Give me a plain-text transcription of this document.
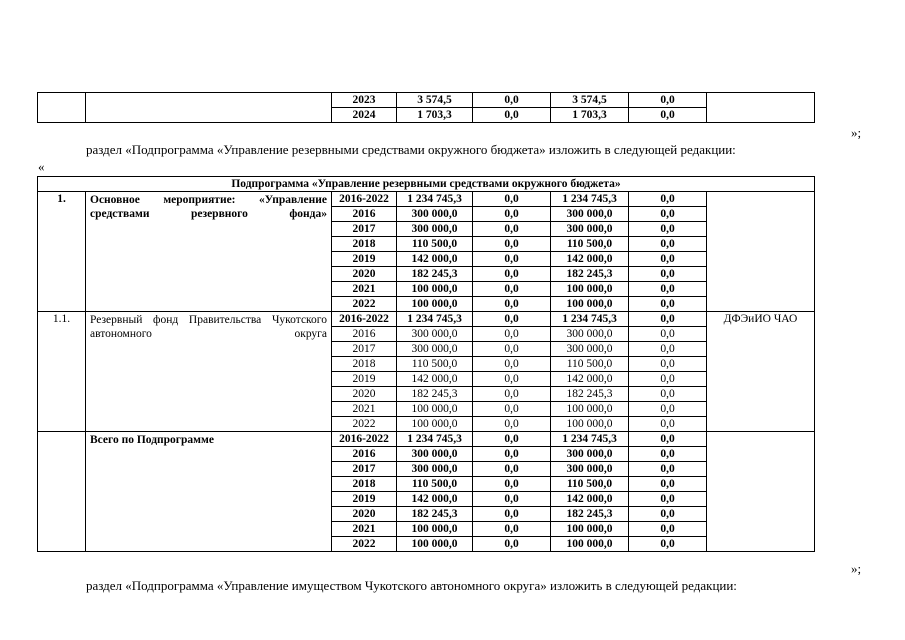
		2023	3 574,5	0,0	3 574,5	0,0	
		2024	1 703,3	0,0	1 703,3	0,0	
»;
раздел «Подпрограмма «Управление резервными средствами окружного бюджета» изложить в следующей редакции:
«
Подпрограмма «Управление резервными средствами окружного бюджета»							
1.	Основное мероприятие: «Управление средствами резервного фонда»	2016-2022	1 234 745,3	0,0	1 234 745,3	0,0	
		2016	300 000,0	0,0	300 000,0	0,0	
		2017	300 000,0	0,0	300 000,0	0,0	
		2018	110 500,0	0,0	110 500,0	0,0	
		2019	142 000,0	0,0	142 000,0	0,0	
		2020	182 245,3	0,0	182 245,3	0,0	
		2021	100 000,0	0,0	100 000,0	0,0	
		2022	100 000,0	0,0	100 000,0	0,0	
1.1.	Резервный фонд Правительства Чукотского автономного округа	2016-2022	1 234 745,3	0,0	1 234 745,3	0,0	ДФЭиИО ЧАО
		2016	300 000,0	0,0	300 000,0	0,0	
		2017	300 000,0	0,0	300 000,0	0,0	
		2018	110 500,0	0,0	110 500,0	0,0	
		2019	142 000,0	0,0	142 000,0	0,0	
		2020	182 245,3	0,0	182 245,3	0,0	
		2021	100 000,0	0,0	100 000,0	0,0	
		2022	100 000,0	0,0	100 000,0	0,0	
	Всего по Подпрограмме	2016-2022	1 234 745,3	0,0	1 234 745,3	0,0	
		2016	300 000,0	0,0	300 000,0	0,0	
		2017	300 000,0	0,0	300 000,0	0,0	
		2018	110 500,0	0,0	110 500,0	0,0	
		2019	142 000,0	0,0	142 000,0	0,0	
		2020	182 245,3	0,0	182 245,3	0,0	
		2021	100 000,0	0,0	100 000,0	0,0	
		2022	100 000,0	0,0	100 000,0	0,0	
»;
раздел «Подпрограмма «Управление имуществом Чукотского автономного округа» изложить в следующей редакции:
